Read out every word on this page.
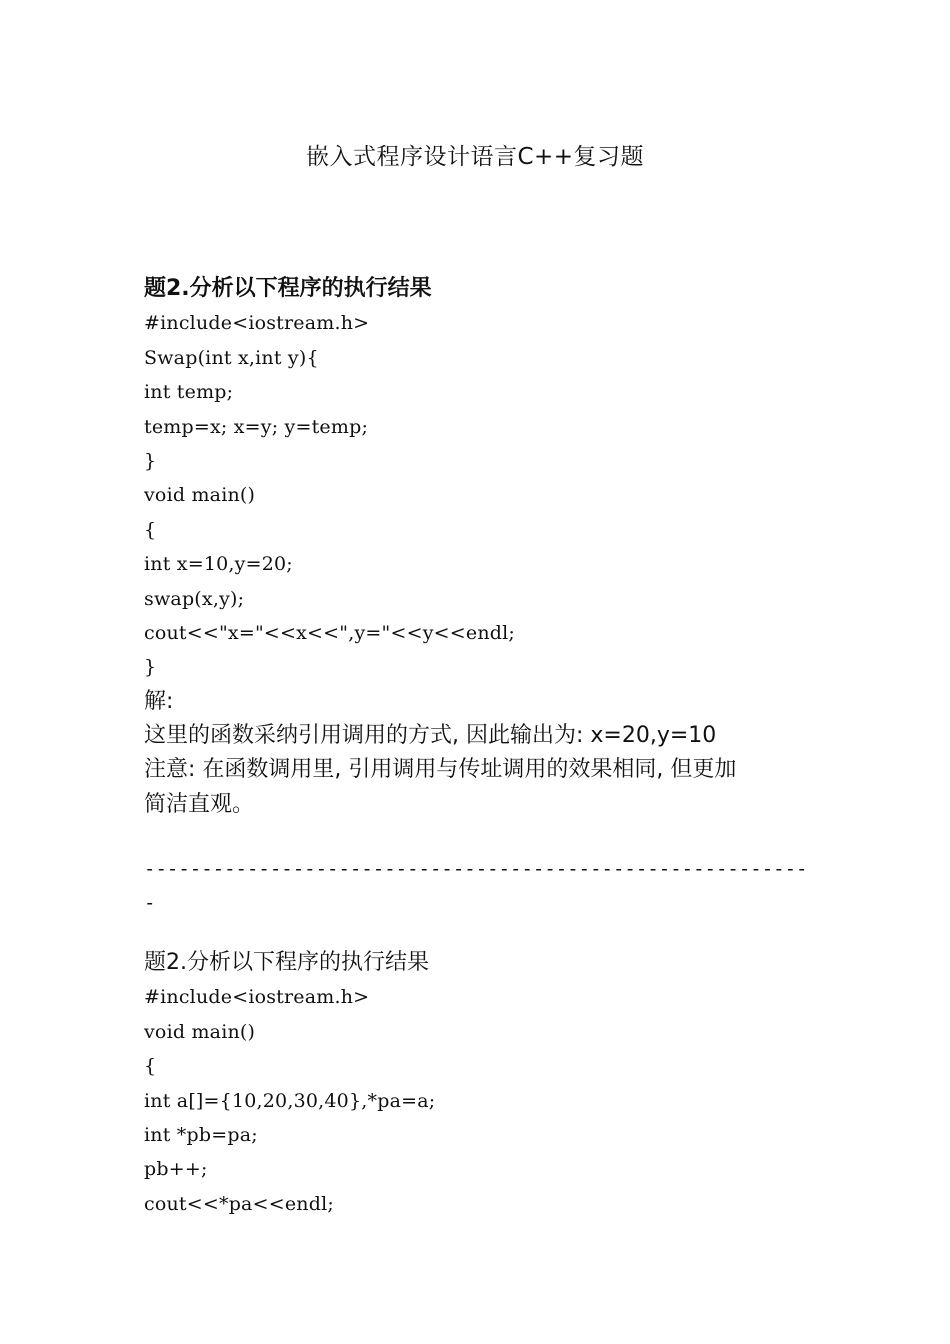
嵌入式程序设计语言C++复习题
题2.分析以下程序的执行结果
#include<iostream.h>
Swap(int x,int y){
int temp;
temp=x; x=y; y=temp;
}
void main()
{
int x=10,y=20;
swap(x,y);
cout<<"x="<<x<<",y="<<y<<endl;
}
解:
这里的函数采纳引用调用的方式, 因此输出为: x=20,y=10
注意: 在函数调用里, 引用调用与传址调用的效果相同, 但更加
简洁直观。
----------------------------------------------------------
-
题2.分析以下程序的执行结果
#include<iostream.h>
void main()
{
int a[]={10,20,30,40},*pa=a;
int *pb=pa;
pb++;
cout<<*pa<<endl;
